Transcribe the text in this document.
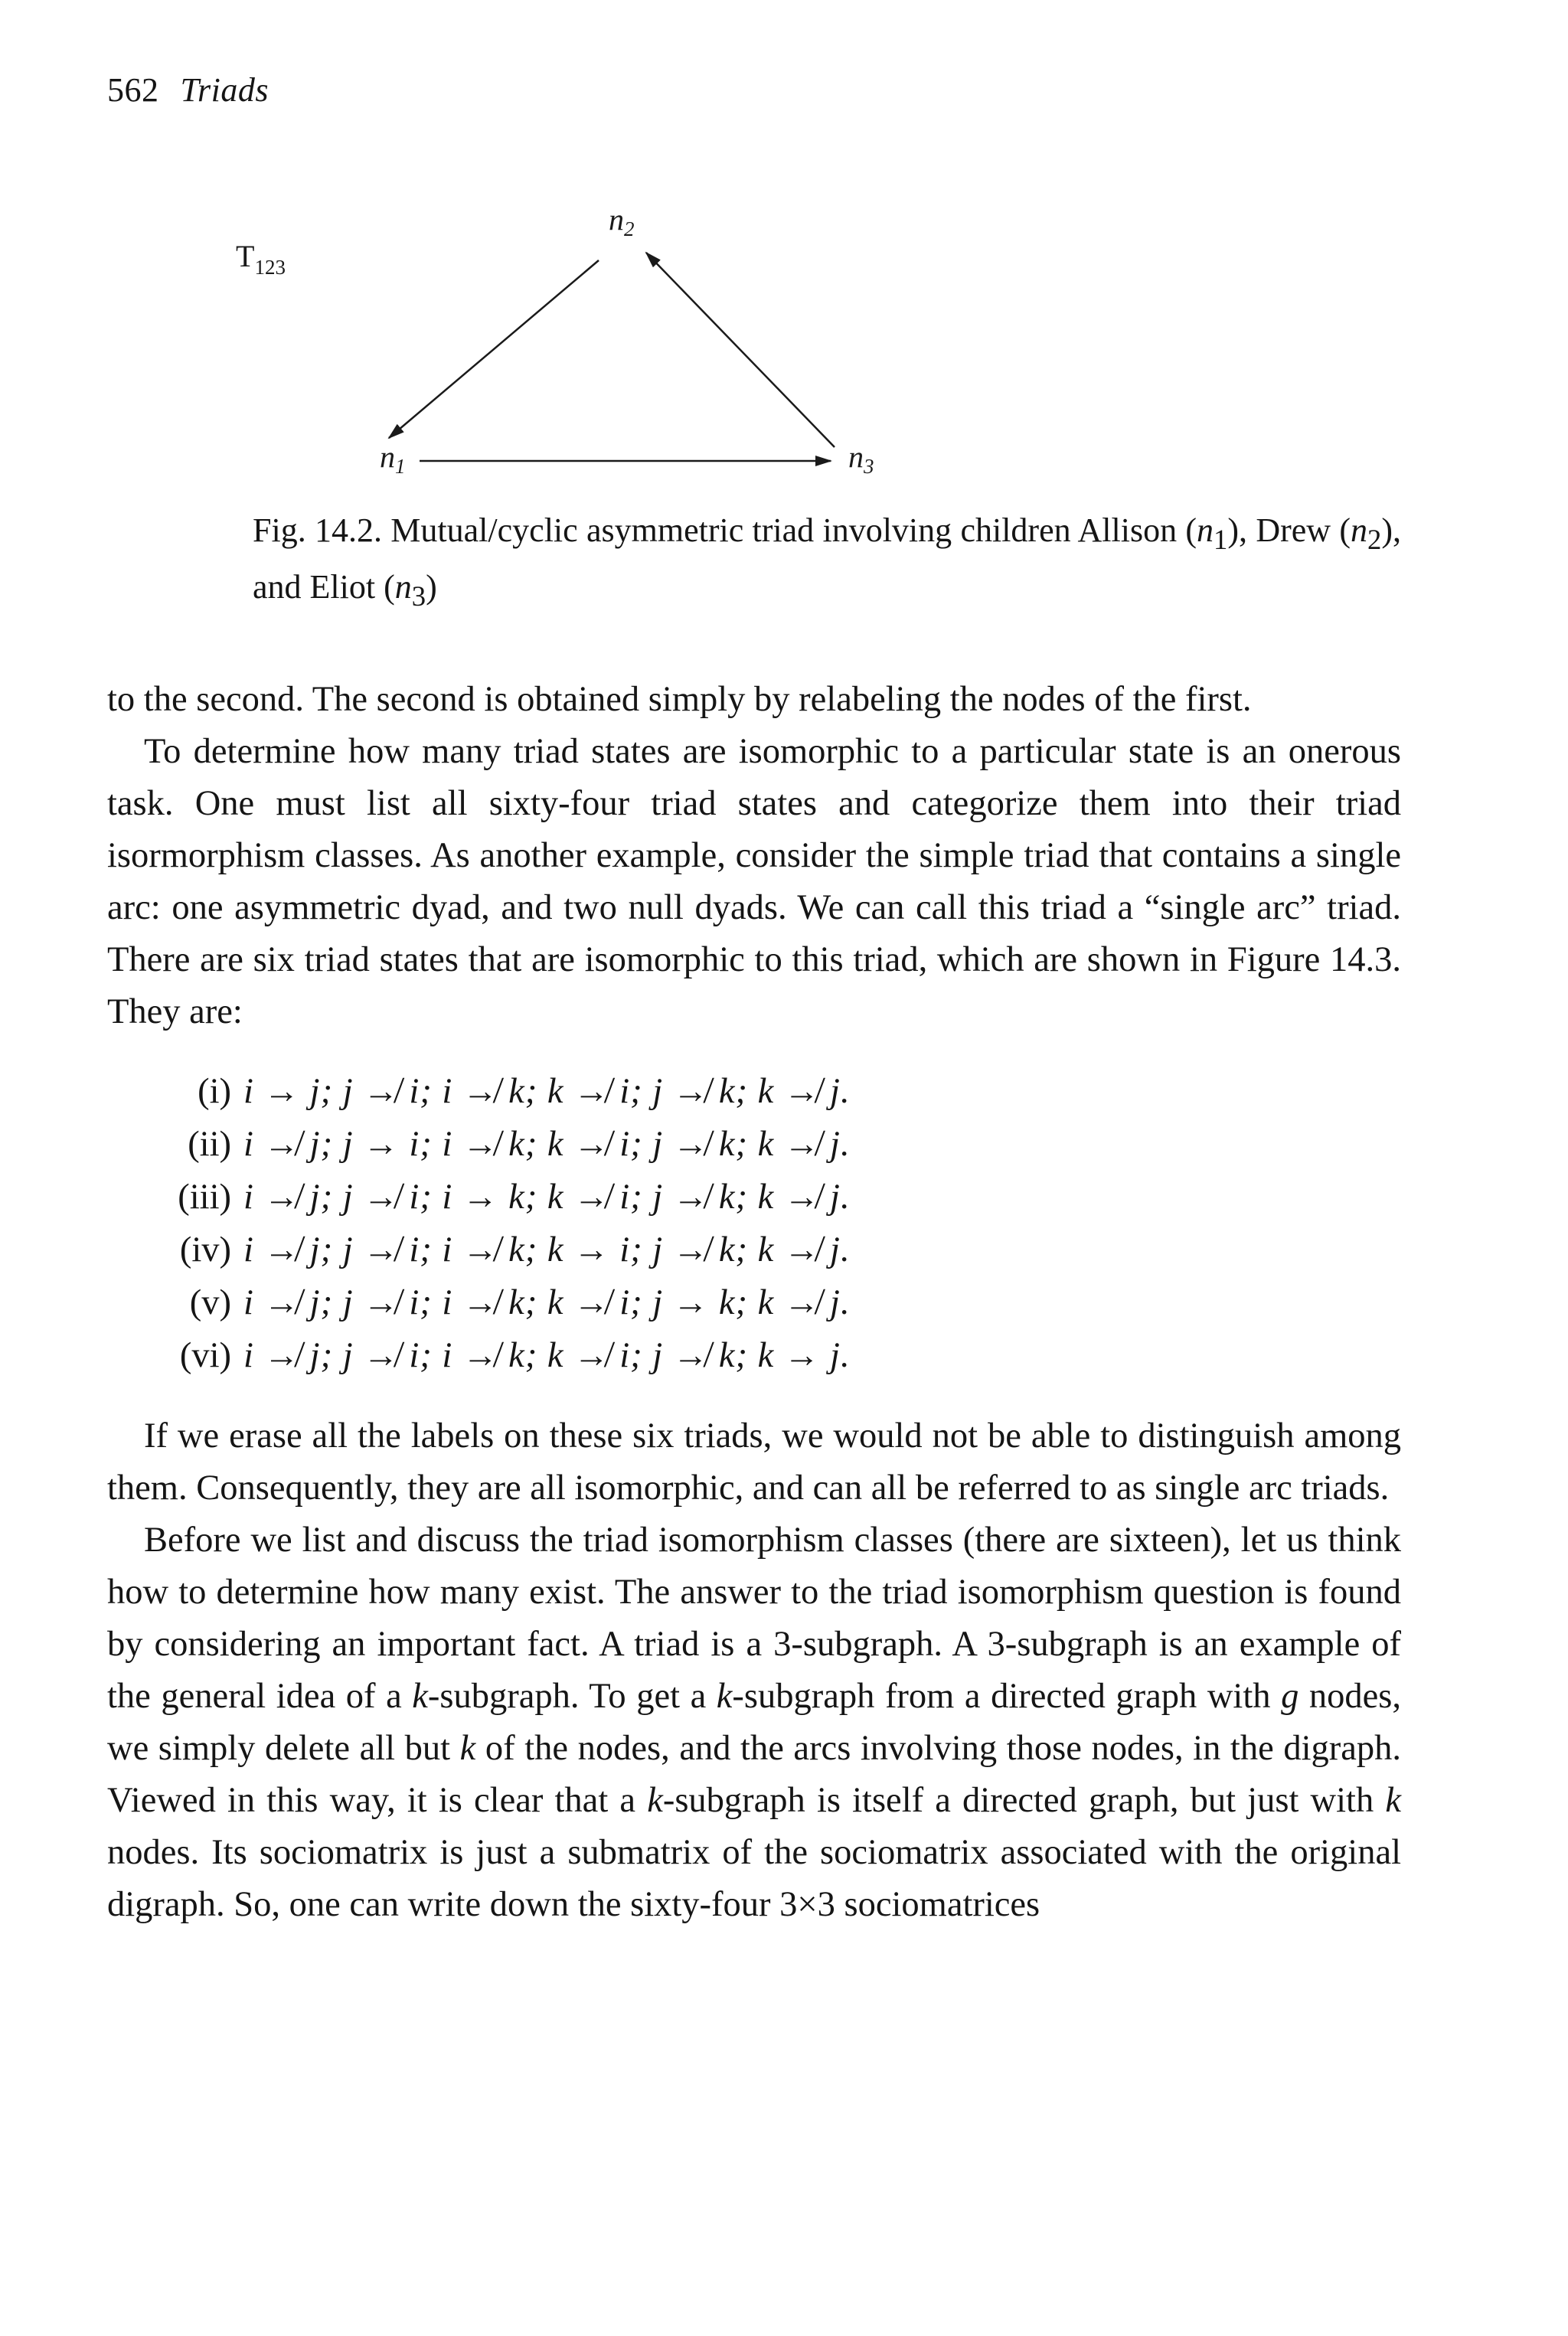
562 Triads
$T_{123}$
$n_2$
$n_1$	$n_3$
Fig. 14.2. Mutual/cyclic asymmetric triad involving children Allison $(n_1)$, Drew $(n_2)$, and Eliot $(n_3)$

to the second. The second is obtained simply by relabeling the nodes of the first.

To determine how many triad states are isomorphic to a particular state is an onerous task. One must list all sixty-four triad states and categorize them into their triad isormorphism classes. As another example, consider the simple triad that contains a single arc: one asymmetric dyad, and two null dyads. We can call this triad a “single arc” triad. There are six triad states that are isomorphic to this triad, which are shown in Figure 14.3. They are:

(i) i → j; j ↛ i; i ↛ k; k ↛ i; j ↛ k; k ↛ j.
(ii) i ↛ j; j → i; i ↛ k; k ↛ i; j ↛ k; k ↛ j.
(iii) i ↛ j; j ↛ i; i → k; k ↛ i; j ↛ k; k ↛ j.
(iv) i ↛ j; j ↛ i; i ↛ k; k → i; j ↛ k; k ↛ j.
(v) i ↛ j; j ↛ i; i ↛ k; k ↛ i; j → k; k ↛ j.
(vi) i ↛ j; j ↛ i; i ↛ k; k ↛ i; j ↛ k; k → j.

If we erase all the labels on these six triads, we would not be able to distinguish among them. Consequently, they are all isomorphic, and can all be referred to as single arc triads.

Before we list and discuss the triad isomorphism classes (there are sixteen), let us think how to determine how many exist. The answer to the triad isomorphism question is found by considering an important fact. A triad is a 3-subgraph. A 3-subgraph is an example of the general idea of a k-subgraph. To get a k-subgraph from a directed graph with g nodes, we simply delete all but k of the nodes, and the arcs involving those nodes, in the digraph. Viewed in this way, it is clear that a k-subgraph is itself a directed graph, but just with k nodes. Its sociomatrix is just a submatrix of the sociomatrix associated with the original digraph. So, one can write down the sixty-four 3×3 sociomatrices
